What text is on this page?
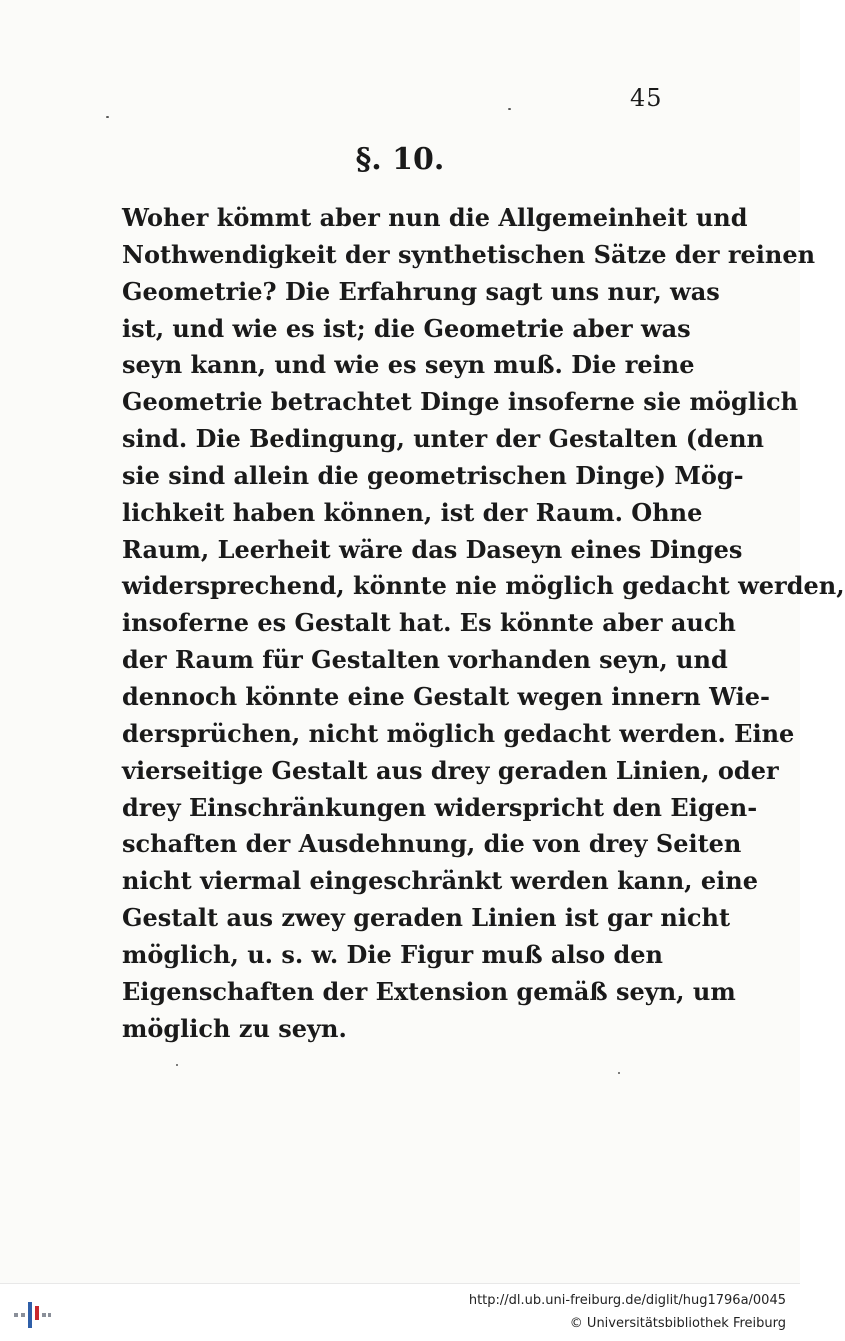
45
§. 10.
Woher kömmt aber nun die Allgemeinheit und
Nothwendigkeit der synthetischen Sätze der reinen
Geometrie? Die Erfahrung sagt uns nur, was
ist, und wie es ist; die Geometrie aber was
seyn kann, und wie es seyn muß. Die reine
Geometrie betrachtet Dinge insoferne sie möglich
sind. Die Bedingung, unter der Gestalten (denn
sie sind allein die geometrischen Dinge) Mög-
lichkeit haben können, ist der Raum. Ohne
Raum, Leerheit wäre das Daseyn eines Dinges
widersprechend, könnte nie möglich gedacht werden,
insoferne es Gestalt hat. Es könnte aber auch
der Raum für Gestalten vorhanden seyn, und
dennoch könnte eine Gestalt wegen innern Wie-
dersprüchen, nicht möglich gedacht werden. Eine
vierseitige Gestalt aus drey geraden Linien, oder
drey Einschränkungen widerspricht den Eigen-
schaften der Ausdehnung, die von drey Seiten
nicht viermal eingeschränkt werden kann, eine
Gestalt aus zwey geraden Linien ist gar nicht
möglich, u. s. w. Die Figur muß also den
Eigenschaften der Extension gemäß seyn, um
möglich zu seyn.
http://dl.ub.uni-freiburg.de/diglit/hug1796a/0045
© Universitätsbibliothek Freiburg
